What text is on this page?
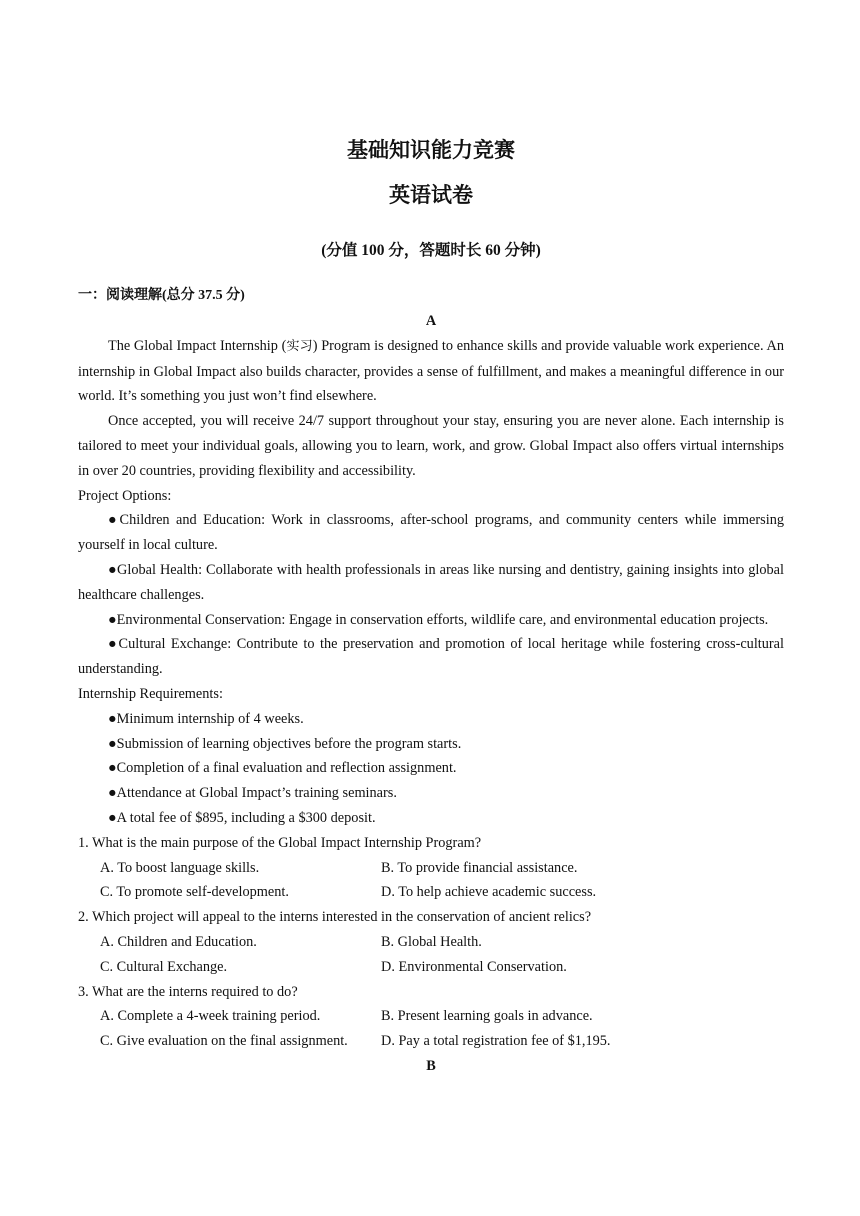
基础知识能力竞赛
英语试卷
(分值 100 分，答题时长 60 分钟)
一：阅读理解(总分 37.5 分)
A

The Global Impact Internship (实习) Program is designed to enhance skills and provide valuable work experience. An internship in Global Impact also builds character, provides a sense of fulfillment, and makes a meaningful difference in our world. It’s something you just won’t find elsewhere.

Once accepted, you will receive 24/7 support throughout your stay, ensuring you are never alone. Each internship is tailored to meet your individual goals, allowing you to learn, work, and grow. Global Impact also offers virtual internships in over 20 countries, providing flexibility and accessibility.

Project Options:

●Children and Education: Work in classrooms, after-school programs, and community centers while immersing yourself in local culture.

●Global Health: Collaborate with health professionals in areas like nursing and dentistry, gaining insights into global healthcare challenges.

●Environmental Conservation: Engage in conservation efforts, wildlife care, and environmental education projects.

●Cultural Exchange: Contribute to the preservation and promotion of local heritage while fostering cross-cultural understanding.

Internship Requirements:

●Minimum internship of 4 weeks.

●Submission of learning objectives before the program starts.

●Completion of a final evaluation and reflection assignment.

●Attendance at Global Impact’s training seminars.

●A total fee of $895, including a $300 deposit.

1. What is the main purpose of the Global Impact Internship Program?

A. To boost language skills.	B. To provide financial assistance.
C. To promote self-development.	D. To help achieve academic success.

2. Which project will appeal to the interns interested in the conservation of ancient relics?

A. Children and Education.	B. Global Health.
C. Cultural Exchange.	D. Environmental Conservation.

3. What are the interns required to do?

A. Complete a 4-week training period.	B. Present learning goals in advance.
C. Give evaluation on the final assignment.	D. Pay a total registration fee of $1,195.
B
